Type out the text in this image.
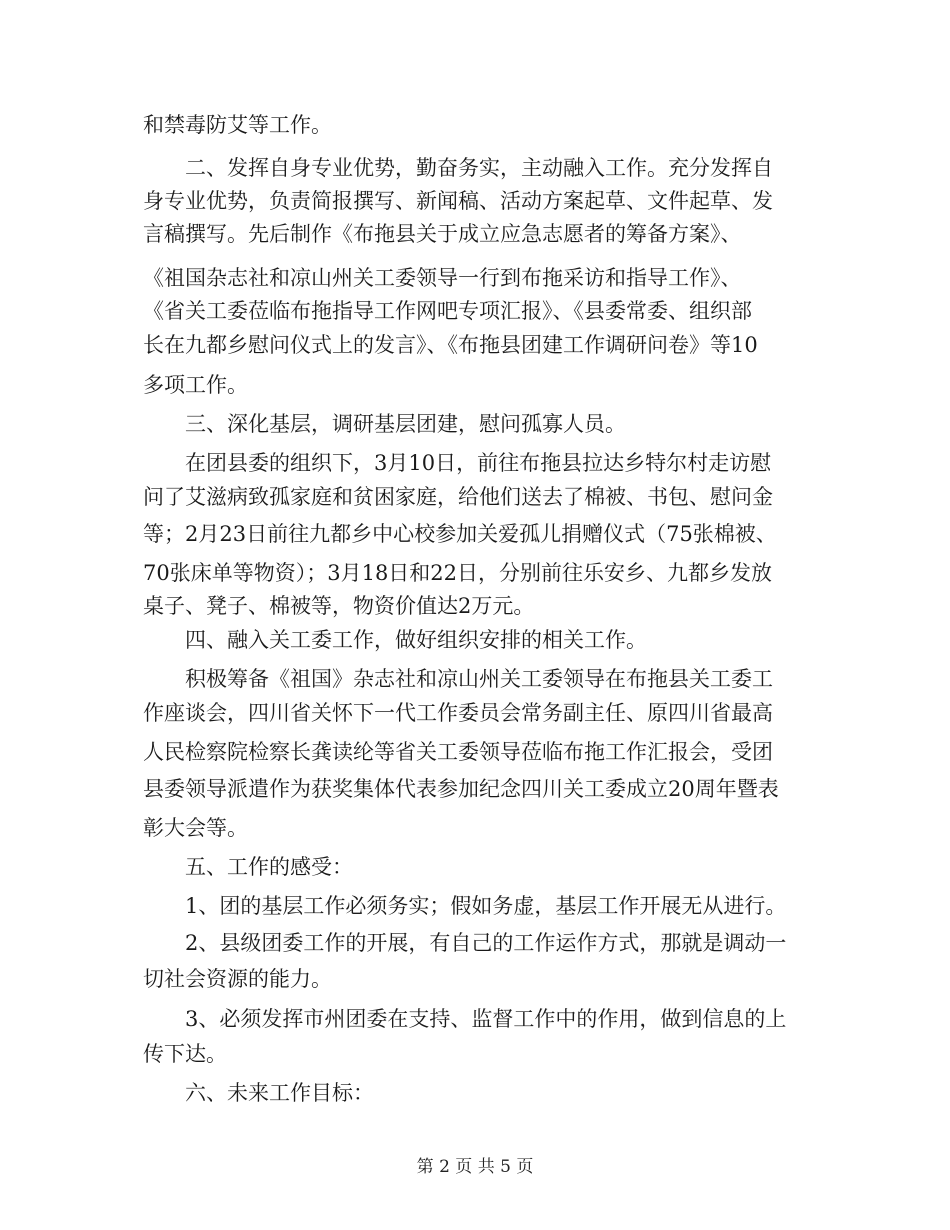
和禁毒防艾等工作。
二、发挥自身专业优势，勤奋务实，主动融入工作。充分发挥自
身专业优势，负责简报撰写、新闻稿、活动方案起草、文件起草、发
言稿撰写。先后制作《布拖县关于成立应急志愿者的筹备方案》、
《祖国杂志社和凉山州关工委领导一行到布拖采访和指导工作》、
《省关工委莅临布拖指导工作网吧专项汇报》、《县委常委、组织部
长在九都乡慰问仪式上的发言》、《布拖县团建工作调研问卷》等10
多项工作。
三、深化基层，调研基层团建，慰问孤寡人员。
在团县委的组织下，3月10日，前往布拖县拉达乡特尔村走访慰
问了艾滋病致孤家庭和贫困家庭，给他们送去了棉被、书包、慰问金
等；2月23日前往九都乡中心校参加关爱孤儿捐赠仪式（75张棉被、
70张床单等物资）；3月18日和22日，分别前往乐安乡、九都乡发放
桌子、凳子、棉被等，物资价值达2万元。
四、融入关工委工作，做好组织安排的相关工作。
积极筹备《祖国》杂志社和凉山州关工委领导在布拖县关工委工
作座谈会，四川省关怀下一代工作委员会常务副主任、原四川省最高
人民检察院检察长龚读纶等省关工委领导莅临布拖工作汇报会，受团
县委领导派遣作为获奖集体代表参加纪念四川关工委成立20周年暨表
彰大会等。
五、工作的感受：
1、团的基层工作必须务实；假如务虚，基层工作开展无从进行。
2、县级团委工作的开展，有自己的工作运作方式，那就是调动一
切社会资源的能力。
3、必须发挥市州团委在支持、监督工作中的作用，做到信息的上
传下达。
六、未来工作目标：
第 2 页 共 5 页
